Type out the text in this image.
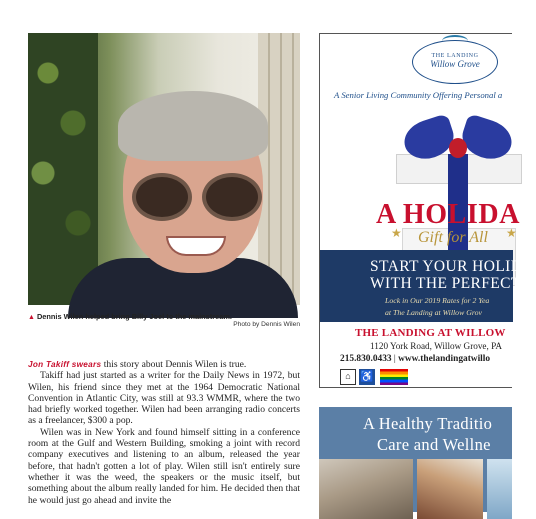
▲ Dennis Wilen helped bring Billy Joel to the mainstream.
Photo by Dennis Wilen

Jon Takiff swears this story about Dennis Wilen is true.

Takiff had just started as a writer for the Daily News in 1972, but Wilen, his friend since they met at the 1964 Democratic National Convention in Atlantic City, was still at 93.3 WMMR, where the two had briefly worked together. Wilen had been arranging radio concerts as a freelancer, $300 a pop.

Wilen was in New York and found himself sitting in a conference room at the Gulf and Western Building, smoking a joint with record company executives and listening to an album, released the year before, that hadn't gotten a lot of play. Wilen still isn't entirely sure whether it was the weed, the speakers or the music itself, but something about the album really landed for him. He decided then that he would just go ahead and invite the

THE LANDING
Willow Grove
A Senior Living Community Offering Personal a
A HOLIDA
★	★
Gift for All
START YOUR HOLID
WITH THE PERFECT G
Lock in Our 2019 Rates for 2 Yea
at The Landing at Willow Grov
THE LANDING AT WILLOW
1120 York Road, Willow Grove, PA
215.830.0433 | www.thelandingatwillo
⌂ ♿
A Healthy Traditio
Care and Wellne
